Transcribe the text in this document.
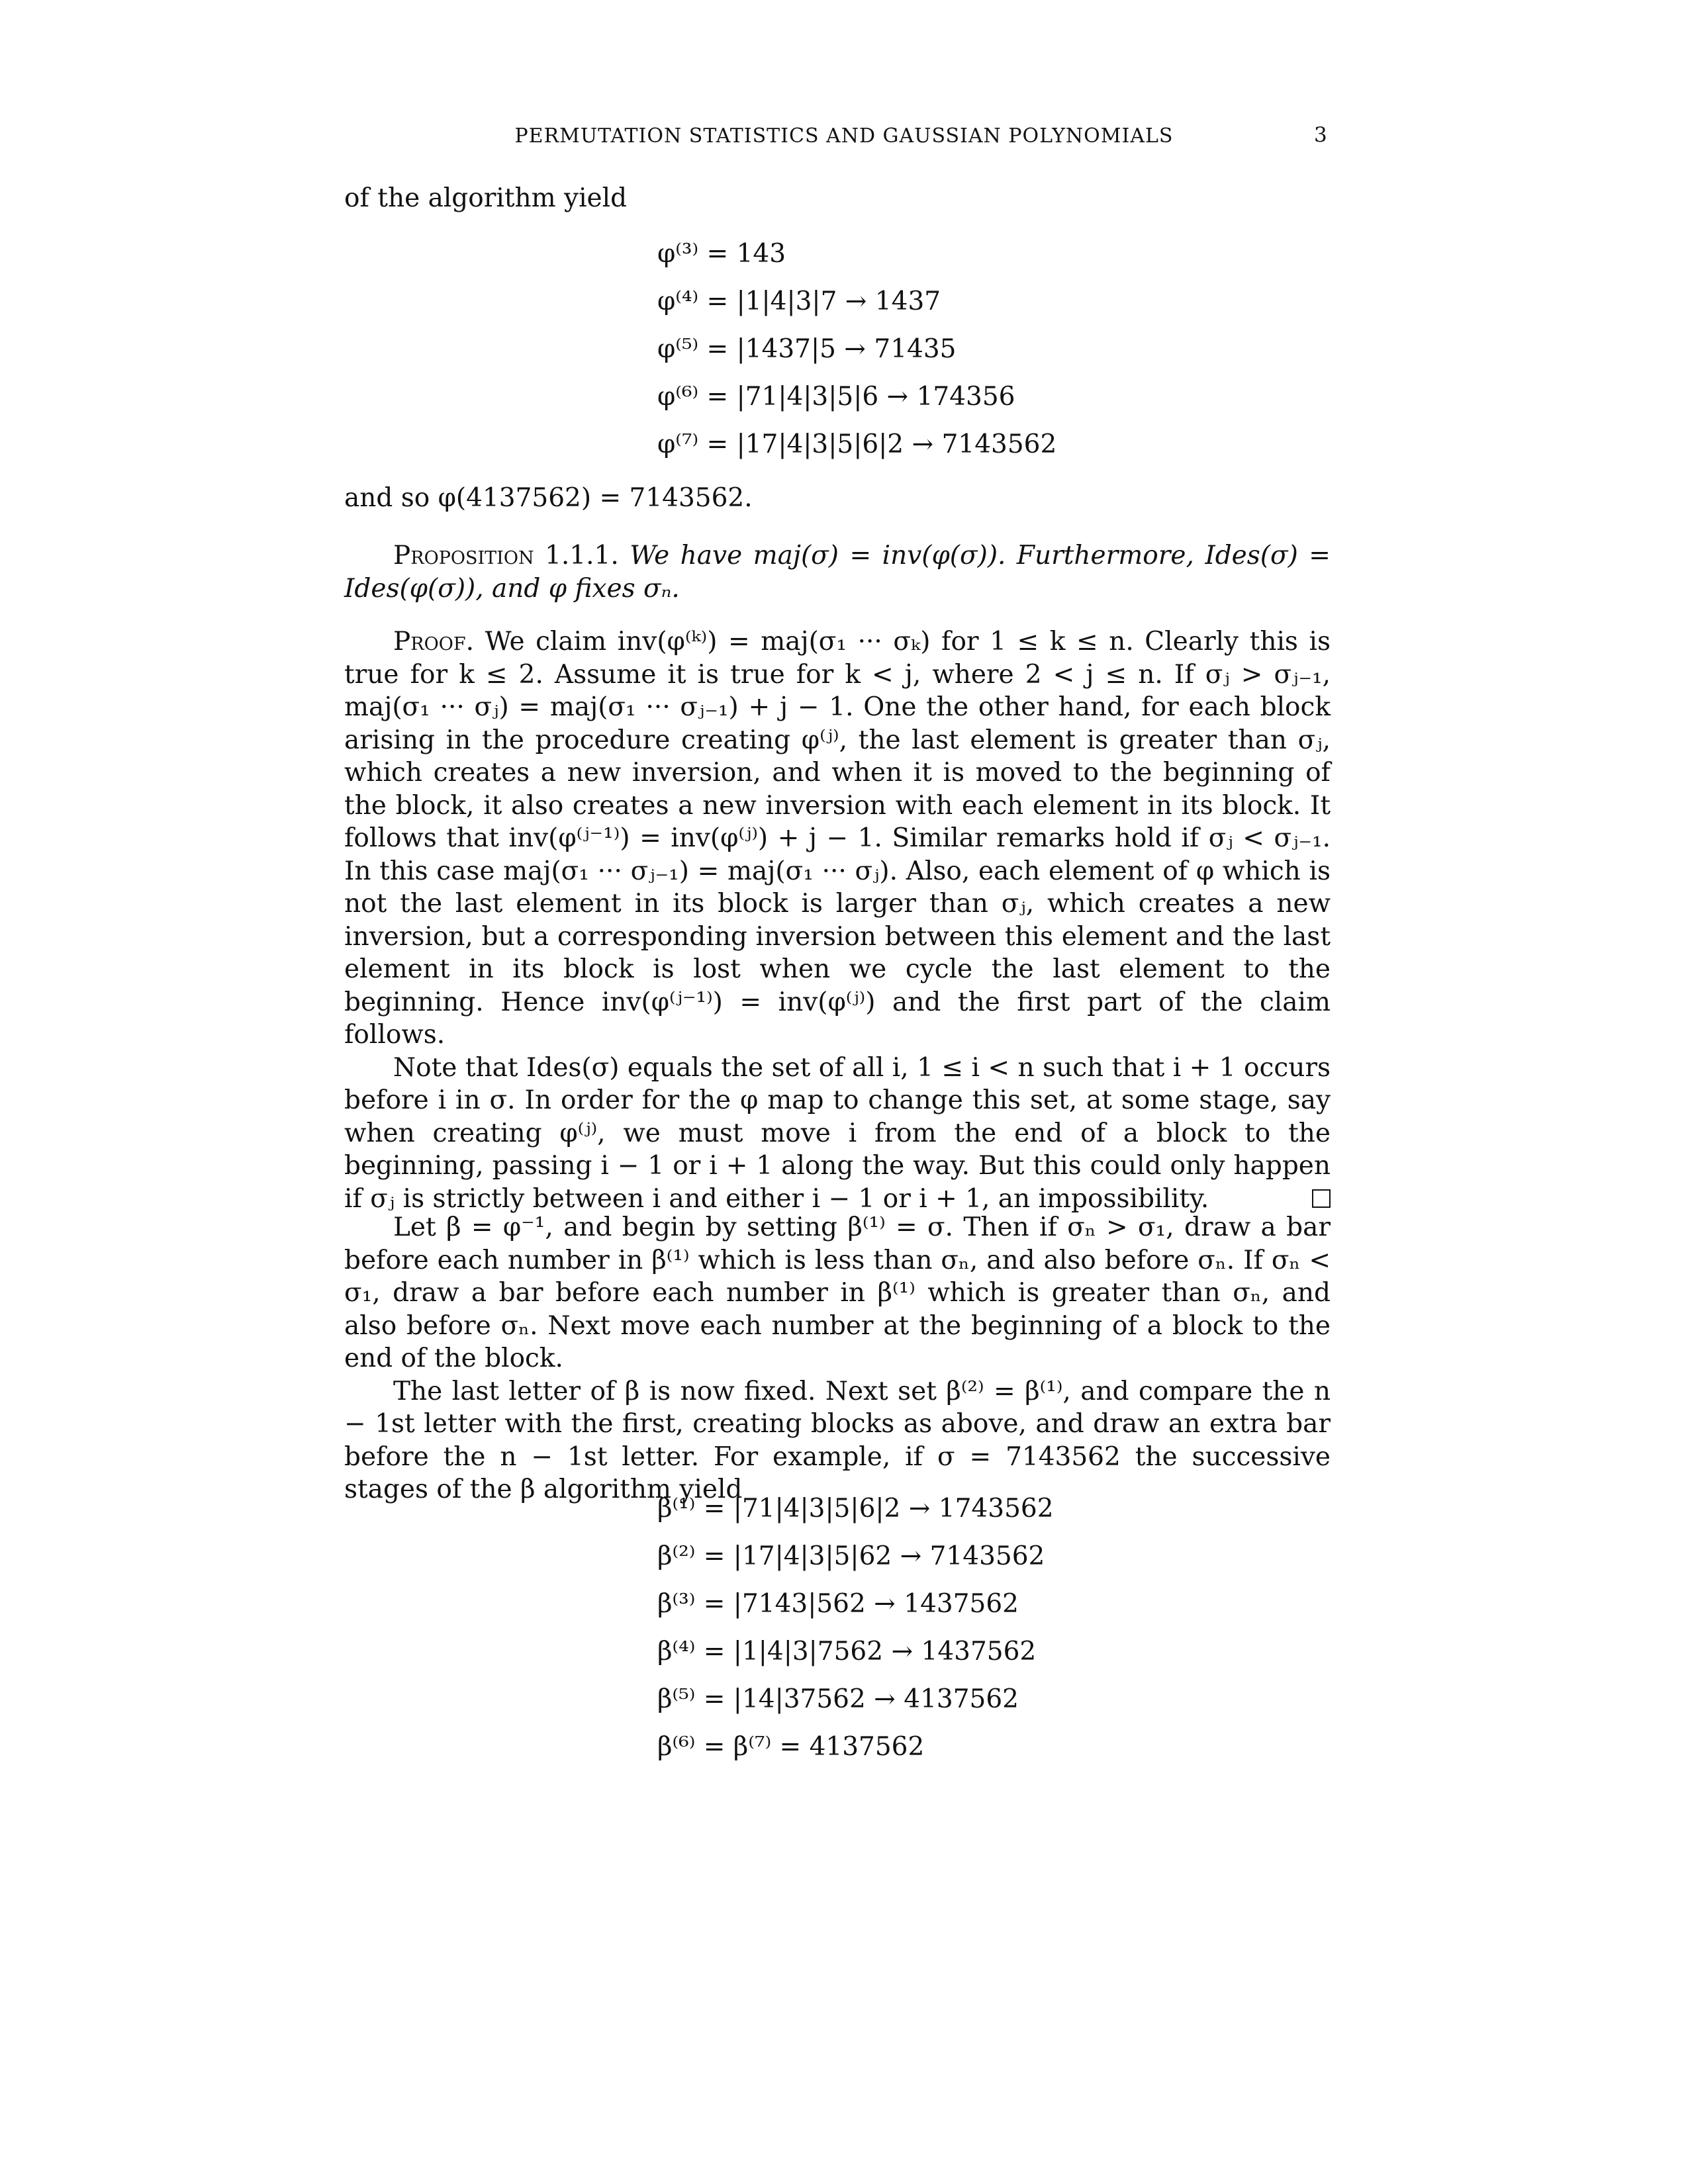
PERMUTATION STATISTICS AND GAUSSIAN POLYNOMIALS	3

of the algorithm yield

φ⁽³⁾ = 143
φ⁽⁴⁾ = |1|4|3|7 → 1437
φ⁽⁵⁾ = |1437|5 → 71435
φ⁽⁶⁾ = |71|4|3|5|6 → 174356
φ⁽⁷⁾ = |17|4|3|5|6|2 → 7143562

and so φ(4137562) = 7143562.

Proposition 1.1.1. We have maj(σ) = inv(φ(σ)). Furthermore, Ides(σ) = Ides(φ(σ)), and φ fixes σₙ.

Proof. We claim inv(φ⁽ᵏ⁾) = maj(σ₁ ··· σₖ) for 1 ≤ k ≤ n. Clearly this is true for k ≤ 2. Assume it is true for k < j, where 2 < j ≤ n. If σⱼ > σⱼ₋₁, maj(σ₁ ··· σⱼ) = maj(σ₁ ··· σⱼ₋₁) + j − 1. One the other hand, for each block arising in the procedure creating φ⁽ʲ⁾, the last element is greater than σⱼ, which creates a new inversion, and when it is moved to the beginning of the block, it also creates a new inversion with each element in its block. It follows that inv(φ⁽ʲ⁻¹⁾) = inv(φ⁽ʲ⁾) + j − 1. Similar remarks hold if σⱼ < σⱼ₋₁. In this case maj(σ₁ ··· σⱼ₋₁) = maj(σ₁ ··· σⱼ). Also, each element of φ which is not the last element in its block is larger than σⱼ, which creates a new inversion, but a corresponding inversion between this element and the last element in its block is lost when we cycle the last element to the beginning. Hence inv(φ⁽ʲ⁻¹⁾) = inv(φ⁽ʲ⁾) and the first part of the claim follows.

Note that Ides(σ) equals the set of all i, 1 ≤ i < n such that i + 1 occurs before i in σ. In order for the φ map to change this set, at some stage, say when creating φ⁽ʲ⁾, we must move i from the end of a block to the beginning, passing i − 1 or i + 1 along the way. But this could only happen if σⱼ is strictly between i and either i − 1 or i + 1, an impossibility.

Let β = φ⁻¹, and begin by setting β⁽¹⁾ = σ. Then if σₙ > σ₁, draw a bar before each number in β⁽¹⁾ which is less than σₙ, and also before σₙ. If σₙ < σ₁, draw a bar before each number in β⁽¹⁾ which is greater than σₙ, and also before σₙ. Next move each number at the beginning of a block to the end of the block.

The last letter of β is now fixed. Next set β⁽²⁾ = β⁽¹⁾, and compare the n − 1st letter with the first, creating blocks as above, and draw an extra bar before the n − 1st letter. For example, if σ = 7143562 the successive stages of the β algorithm yield

β⁽¹⁾ = |71|4|3|5|6|2 → 1743562
β⁽²⁾ = |17|4|3|5|62 → 7143562
β⁽³⁾ = |7143|562 → 1437562
β⁽⁴⁾ = |1|4|3|7562 → 1437562
β⁽⁵⁾ = |14|37562 → 4137562
β⁽⁶⁾ = β⁽⁷⁾ = 4137562
